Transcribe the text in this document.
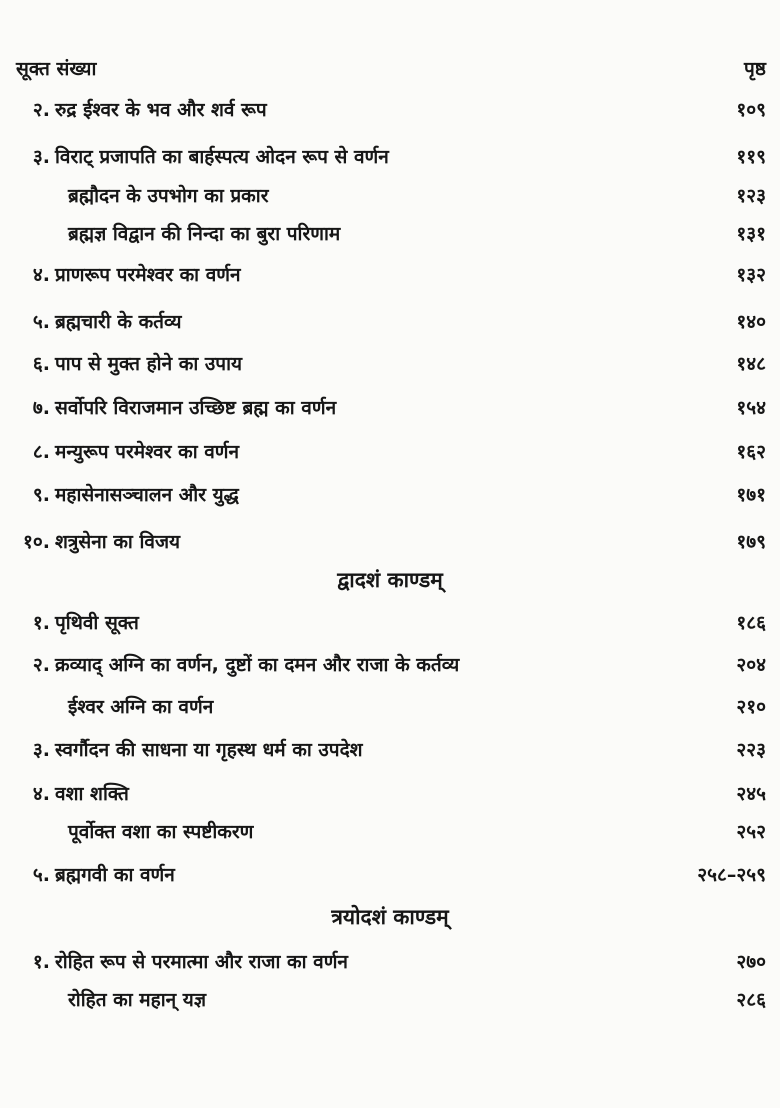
सूक्त संख्या	पृष्ठ
२. रुद्र ईश्वर के भव और शर्व रूप	१०९
३. विराट् प्रजापति का बार्हस्पत्य ओदन रूप से वर्णन	११९
ब्रह्मौदन के उपभोग का प्रकार	१२३
ब्रह्मज्ञ विद्वान की निन्दा का बुरा परिणाम	१३१
४. प्राणरूप परमेश्वर का वर्णन	१३२
५. ब्रह्मचारी के कर्तव्य	१४०
६. पाप से मुक्त होने का उपाय	१४८
७. सर्वोपरि विराजमान उच्छिष्ट ब्रह्म का वर्णन	१५४
८. मन्युरूप परमेश्वर का वर्णन	१६२
९. महासेनासञ्चालन और युद्ध	१७१
१०. शत्रुसेना का विजय	१७९
द्वादशं काण्डम्
१. पृथिवी सूक्त	१८६
२. क्रव्याद् अग्नि का वर्णन, दुष्टों का दमन और राजा के कर्तव्य	२०४
ईश्वर अग्नि का वर्णन	२१०
३. स्वर्गौदन की साधना या गृहस्थ धर्म का उपदेश	२२३
४. वशा शक्ति	२४५
पूर्वोक्त वशा का स्पष्टीकरण	२५२
५. ब्रह्मगवी का वर्णन	२५८–२५९
त्रयोदशं काण्डम्
१. रोहित रूप से परमात्मा और राजा का वर्णन	२७०
रोहित का महान् यज्ञ	२८६
